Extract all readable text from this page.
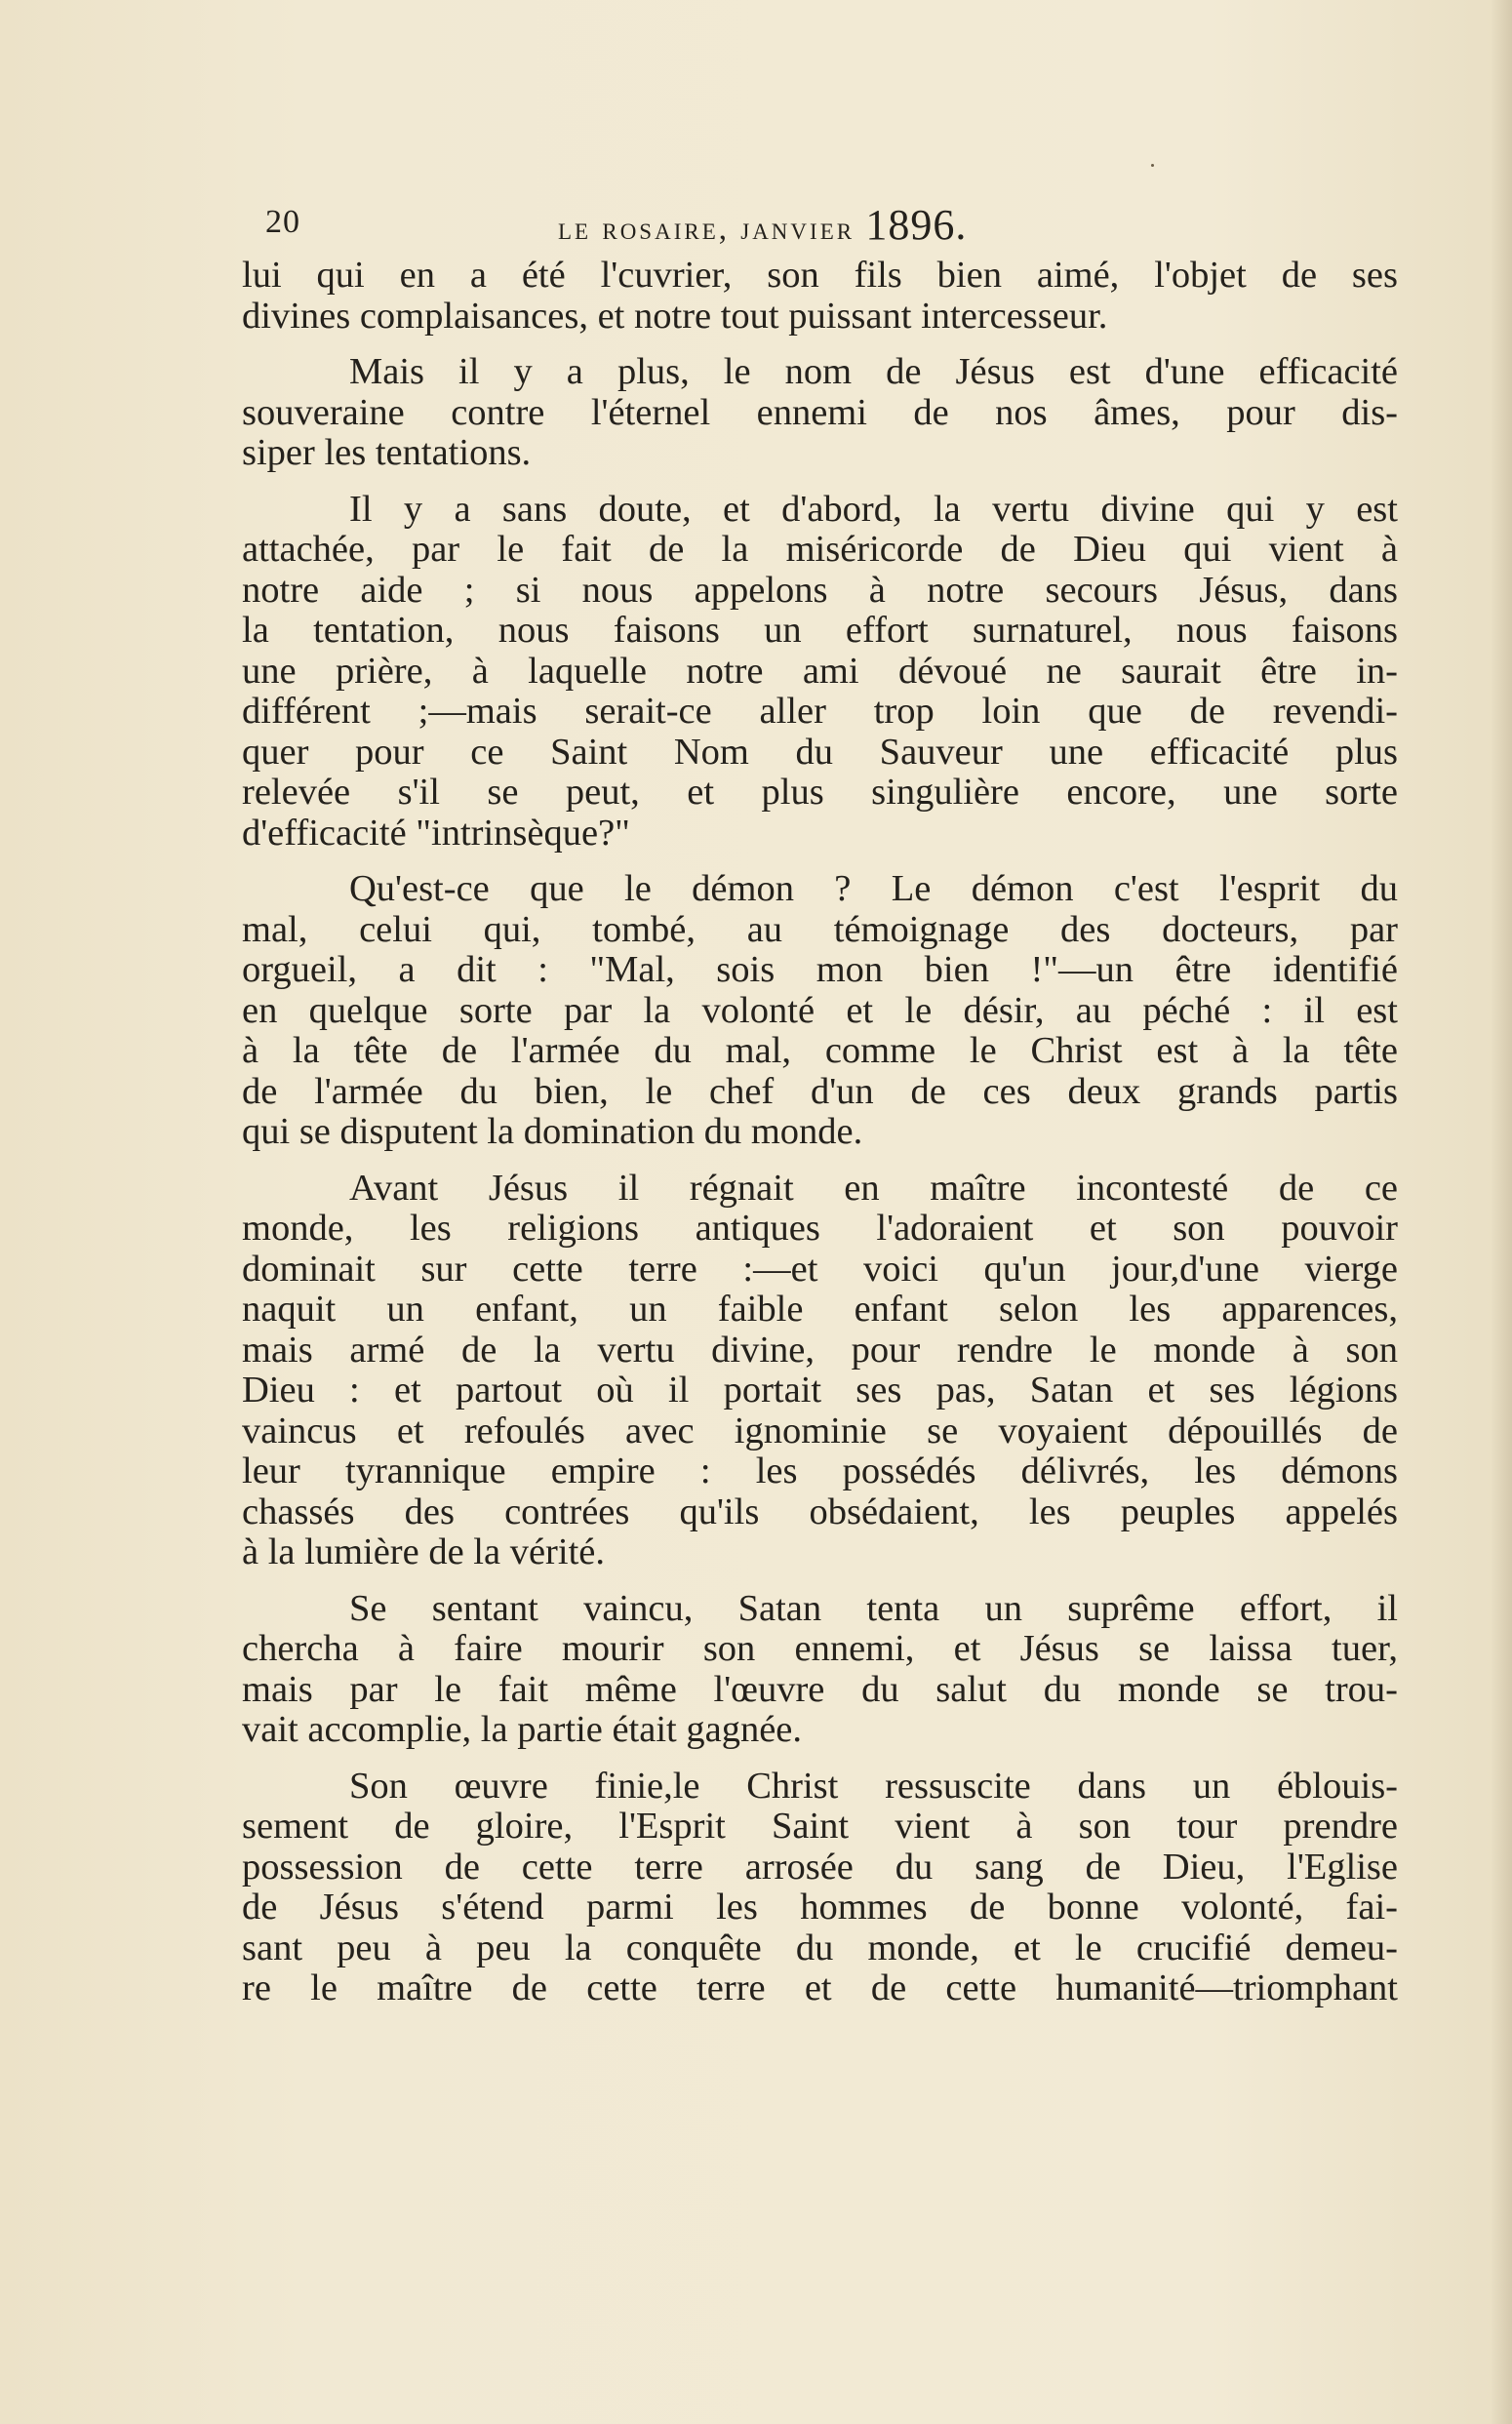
20	le rosaire, janvier 1896.
lui qui en a été l'cuvrier, son fils bien aimé, l'objet de ses
divines complaisances, et notre tout puissant intercesseur.
Mais il y a plus, le nom de Jésus est d'une efficacité
souveraine contre l'éternel ennemi de nos âmes, pour dis-
siper les tentations.
Il y a sans doute, et d'abord, la vertu divine qui y est
attachée, par le fait de la miséricorde de Dieu qui vient à
notre aide ; si nous appelons à notre secours Jésus, dans
la tentation, nous faisons un effort surnaturel, nous faisons
une prière, à laquelle notre ami dévoué ne saurait être in-
différent ;—mais serait-ce aller trop loin que de revendi-
quer pour ce Saint Nom du Sauveur une efficacité plus
relevée s'il se peut, et plus singulière encore, une sorte
d'efficacité "intrinsèque?"
Qu'est-ce que le démon ? Le démon c'est l'esprit du
mal, celui qui, tombé, au témoignage des docteurs, par
orgueil, a dit : "Mal, sois mon bien !"—un être identifié
en quelque sorte par la volonté et le désir, au péché : il est
à la tête de l'armée du mal, comme le Christ est à la tête
de l'armée du bien, le chef d'un de ces deux grands partis
qui se disputent la domination du monde.
Avant Jésus il régnait en maître incontesté de ce
monde, les religions antiques l'adoraient et son pouvoir
dominait sur cette terre :—et voici qu'un jour,d'une vierge
naquit un enfant, un faible enfant selon les apparences,
mais armé de la vertu divine, pour rendre le monde à son
Dieu : et partout où il portait ses pas, Satan et ses légions
vaincus et refoulés avec ignominie se voyaient dépouillés de
leur tyrannique empire : les possédés délivrés, les démons
chassés des contrées qu'ils obsédaient, les peuples appelés
à la lumière de la vérité.
Se sentant vaincu, Satan tenta un suprême effort, il
chercha à faire mourir son ennemi, et Jésus se laissa tuer,
mais par le fait même l'œuvre du salut du monde se trou-
vait accomplie, la partie était gagnée.
Son œuvre finie,le Christ ressuscite dans un éblouis-
sement de gloire, l'Esprit Saint vient à son tour prendre
possession de cette terre arrosée du sang de Dieu, l'Eglise
de Jésus s'étend parmi les hommes de bonne volonté, fai-
sant peu à peu la conquête du monde, et le crucifié demeu-
re le maître de cette terre et de cette humanité—triomphant
